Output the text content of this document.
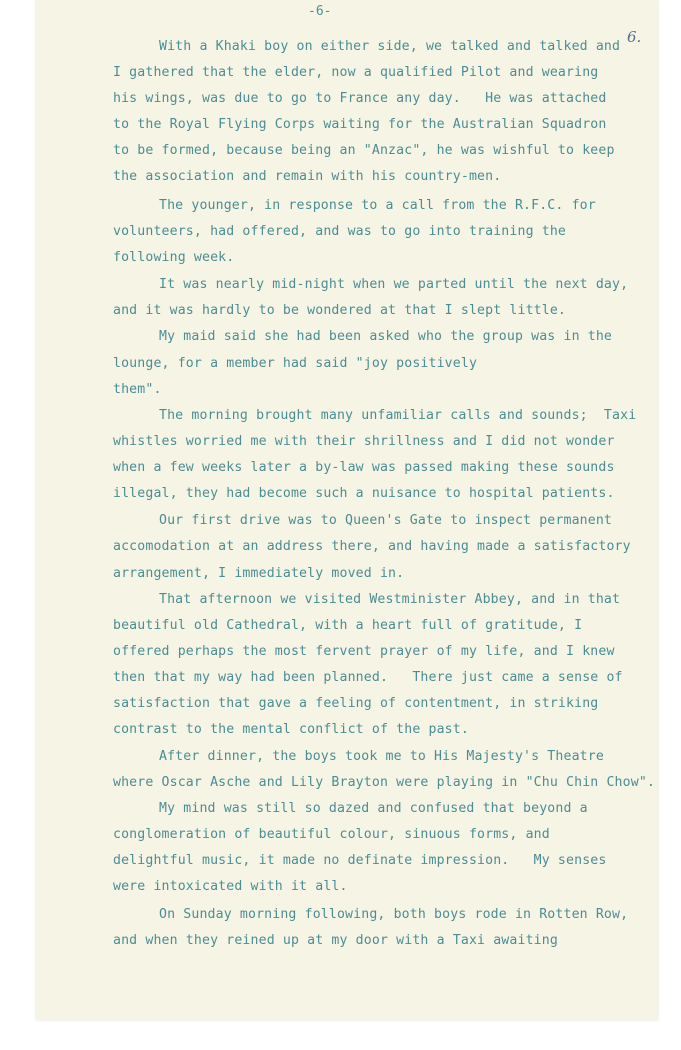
-6-
6.
With a Khaki boy on either side, we talked and talked and
I gathered that the elder, now a qualified Pilot and wearing
his wings, was due to go to France any day.   He was attached
to the Royal Flying Corps waiting for the Australian Squadron
to be formed, because being an "Anzac", he was wishful to keep
the association and remain with his country-men.
The younger, in response to a call from the R.F.C. for
volunteers, had offered, and was to go into training the
following week.
It was nearly mid-night when we parted until the next day,
and it was hardly to be wondered at that I slept little.
My maid said she had been asked who the group was in the
lounge, for a member had said "joy positively
them".
The morning brought many unfamiliar calls and sounds;  Taxi
whistles worried me with their shrillness and I did not wonder
when a few weeks later a by-law was passed making these sounds
illegal, they had become such a nuisance to hospital patients.
Our first drive was to Queen's Gate to inspect permanent
accomodation at an address there, and having made a satisfactory
arrangement, I immediately moved in.
That afternoon we visited Westminister Abbey, and in that
beautiful old Cathedral, with a heart full of gratitude, I
offered perhaps the most fervent prayer of my life, and I knew
then that my way had been planned.   There just came a sense of
satisfaction that gave a feeling of contentment, in striking
contrast to the mental conflict of the past.
After dinner, the boys took me to His Majesty's Theatre
where Oscar Asche and Lily Brayton were playing in "Chu Chin Chow".
My mind was still so dazed and confused that beyond a
conglomeration of beautiful colour, sinuous forms, and
delightful music, it made no definate impression.   My senses
were intoxicated with it all.
On Sunday morning following, both boys rode in Rotten Row,
and when they reined up at my door with a Taxi awaiting
